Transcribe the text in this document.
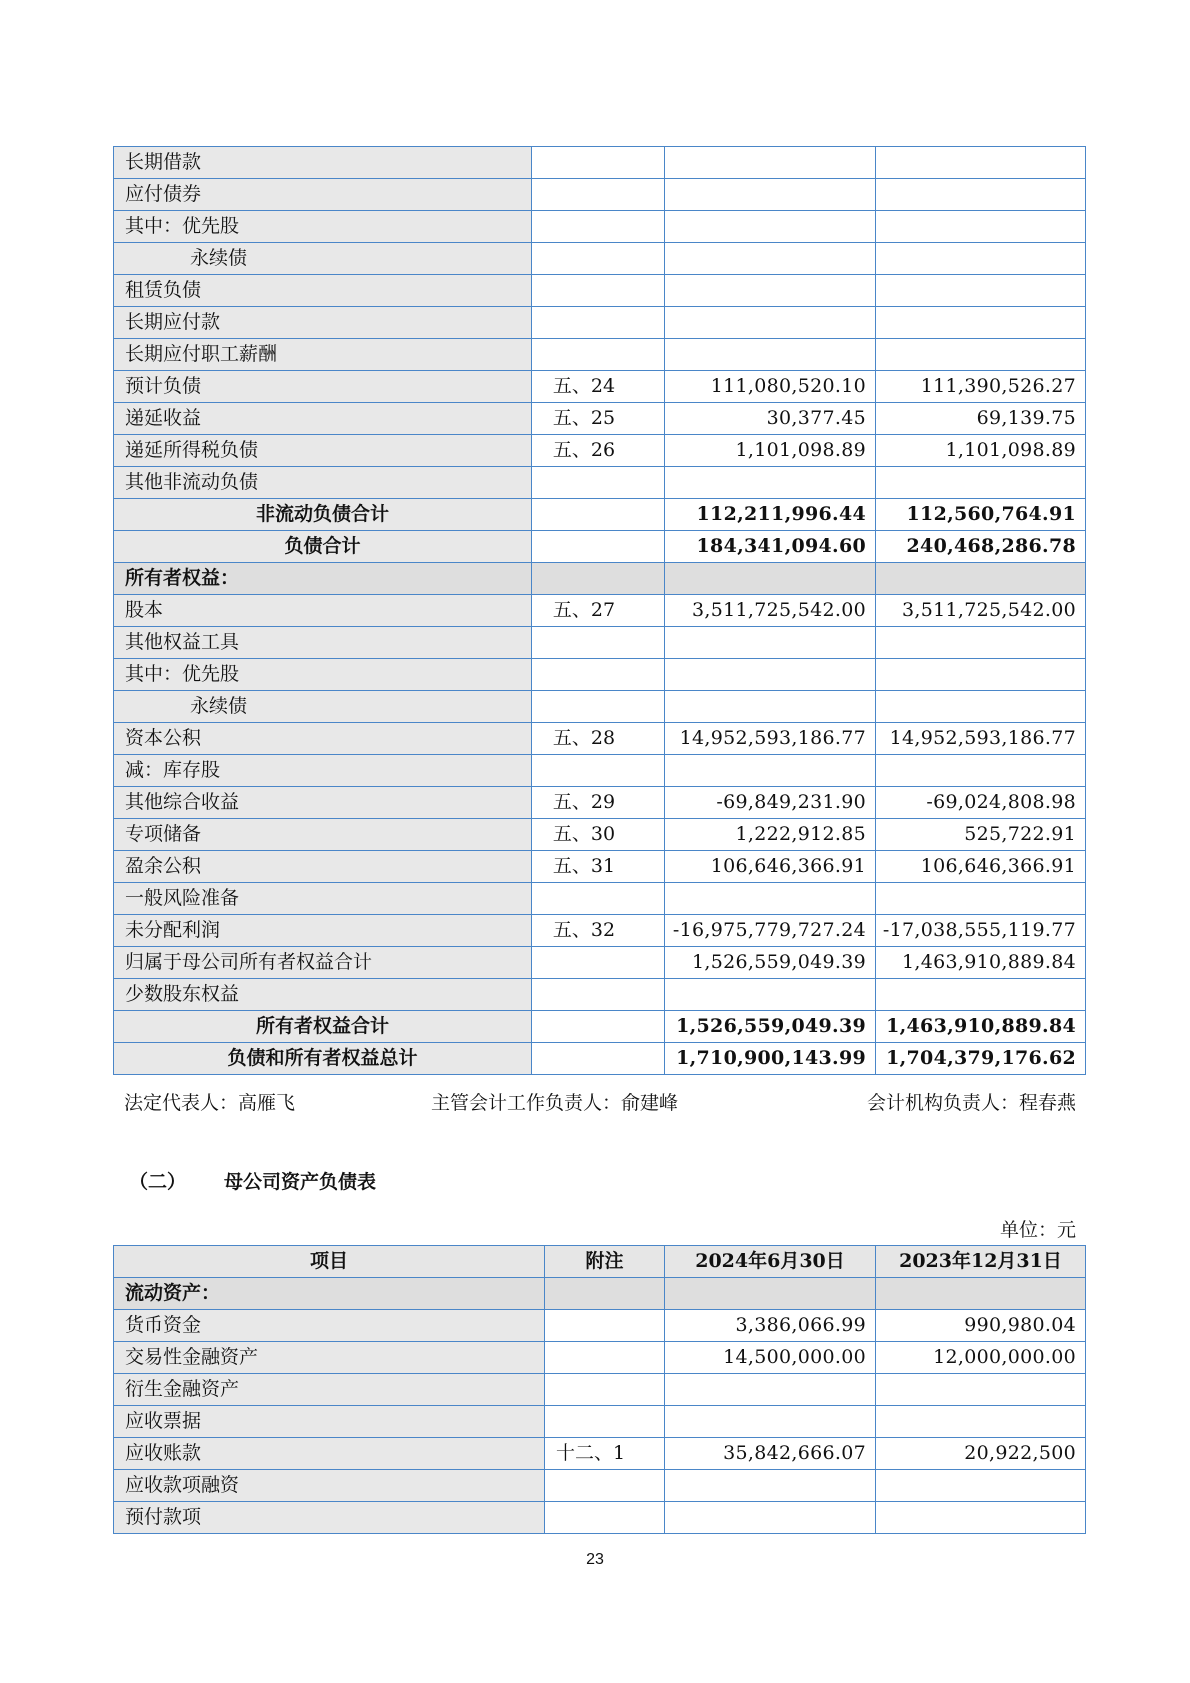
长期借款			
应付债券			
其中：优先股			
永续债			
租赁负债			
长期应付款			
长期应付职工薪酬			
预计负债	五、24	111,080,520.10	111,390,526.27
递延收益	五、25	30,377.45	69,139.75
递延所得税负债	五、26	1,101,098.89	1,101,098.89
其他非流动负债			
非流动负债合计		112,211,996.44	112,560,764.91
负债合计		184,341,094.60	240,468,286.78
所有者权益：			
股本	五、27	3,511,725,542.00	3,511,725,542.00
其他权益工具			
其中：优先股			
永续债			
资本公积	五、28	14,952,593,186.77	14,952,593,186.77
减：库存股			
其他综合收益	五、29	-69,849,231.90	-69,024,808.98
专项储备	五、30	1,222,912.85	525,722.91
盈余公积	五、31	106,646,366.91	106,646,366.91
一般风险准备			
未分配利润	五、32	-16,975,779,727.24	-17,038,555,119.77
归属于母公司所有者权益合计		1,526,559,049.39	1,463,910,889.84
少数股东权益			
所有者权益合计		1,526,559,049.39	1,463,910,889.84
负债和所有者权益总计		1,710,900,143.99	1,704,379,176.62
法定代表人：高雁飞	主管会计工作负责人：俞建峰	会计机构负责人：程春燕
（二） 母公司资产负债表
单位：元
项目	附注	2024年6月30日	2023年12月31日
流动资产：			
货币资金		3,386,066.99	990,980.04
交易性金融资产		14,500,000.00	12,000,000.00
衍生金融资产			
应收票据			
应收账款	十二、1	35,842,666.07	20,922,500
应收款项融资			
预付款项			
23
